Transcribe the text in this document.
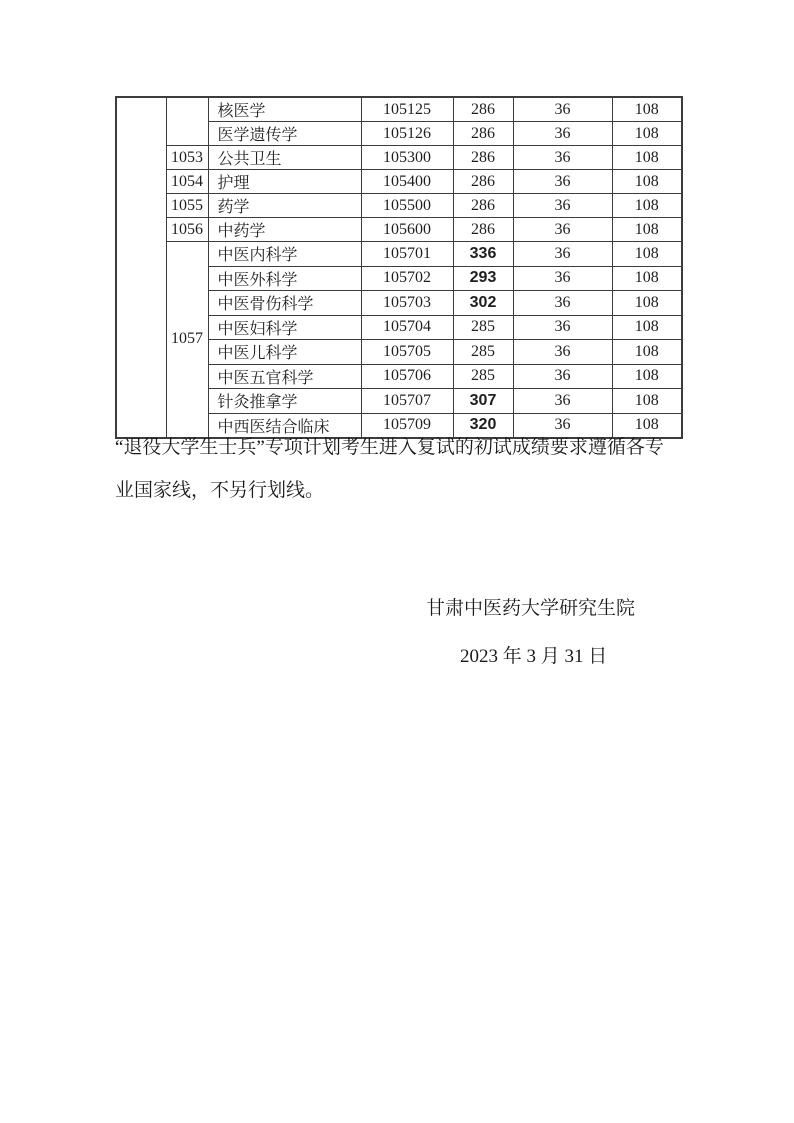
		核医学	105125	286	36	108
		医学遗传学	105126	286	36	108
	1053	公共卫生	105300	286	36	108
	1054	护理	105400	286	36	108
	1055	药学	105500	286	36	108
	1056	中药学	105600	286	36	108
	1057	中医内科学	105701	336	36	108
		中医外科学	105702	293	36	108
		中医骨伤科学	105703	302	36	108
		中医妇科学	105704	285	36	108
		中医儿科学	105705	285	36	108
		中医五官科学	105706	285	36	108
		针灸推拿学	105707	307	36	108
		中西医结合临床	105709	320	36	108
“退役大学生士兵”专项计划考生进入复试的初试成绩要求遵循各专
业国家线，不另行划线。
甘肃中医药大学研究生院
2023 年 3 月 31 日
